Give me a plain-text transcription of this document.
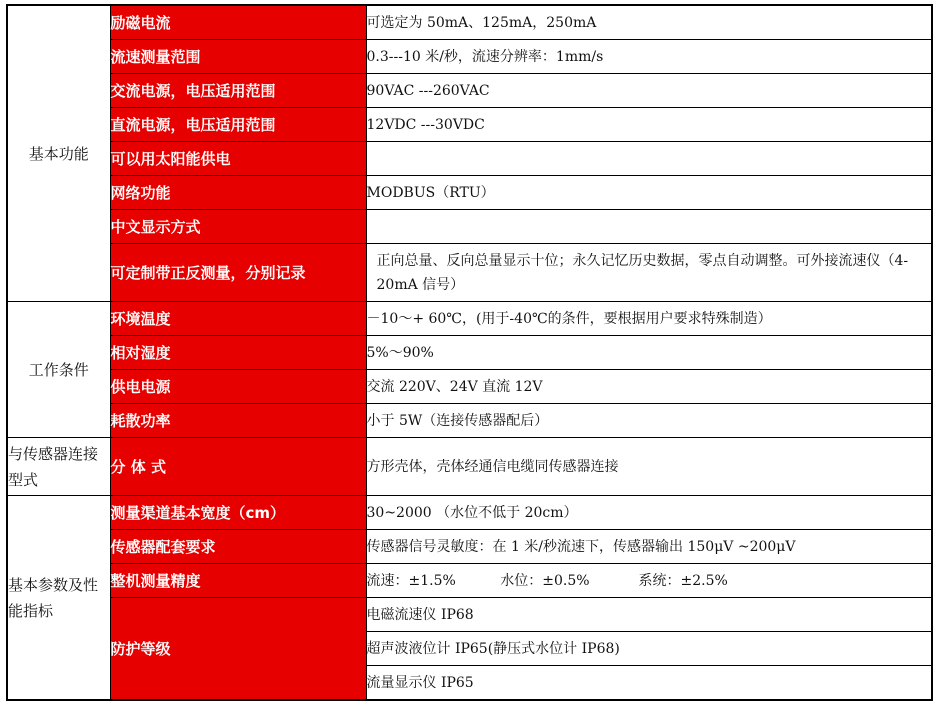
基本功能	励磁电流	可选定为 50mA、125mA，250mA
	流速测量范围	0.3---10 米/秒，流速分辨率：1mm/s
	交流电源，电压适用范围	90VAC ---260VAC
	直流电源，电压适用范围	12VDC ---30VDC
	可以用太阳能供电	
	网络功能	MODBUS（RTU）
	中文显示方式	
	可定制带正反测量，分别记录	正向总量、反向总量显示十位；永久记忆历史数据，零点自动调整。可外接流速仪（4-20mA 信号）
工作条件	环境温度	－10～+ 60℃，(用于-40℃的条件，要根据用户要求特殊制造）
	相对湿度	5%～90%
	供电电源	交流 220V、24V 直流 12V
	耗散功率	小于 5W（连接传感器配后）
与传感器连接型式	分 体 式	方形壳体，壳体经通信电缆同传感器连接
基本参数及性能指标	测量渠道基本宽度（cm）	30~2000 （水位不低于 20cm）
	传感器配套要求	传感器信号灵敏度：在 1 米/秒流速下，传感器输出 150μV ~200μV
	整机测量精度	流速：±1.5%          水位：±0.5%           系统：±2.5%
	防护等级	电磁流速仪 IP68
		超声波液位计 IP65(静压式水位计 IP68)
		流量显示仪 IP65
